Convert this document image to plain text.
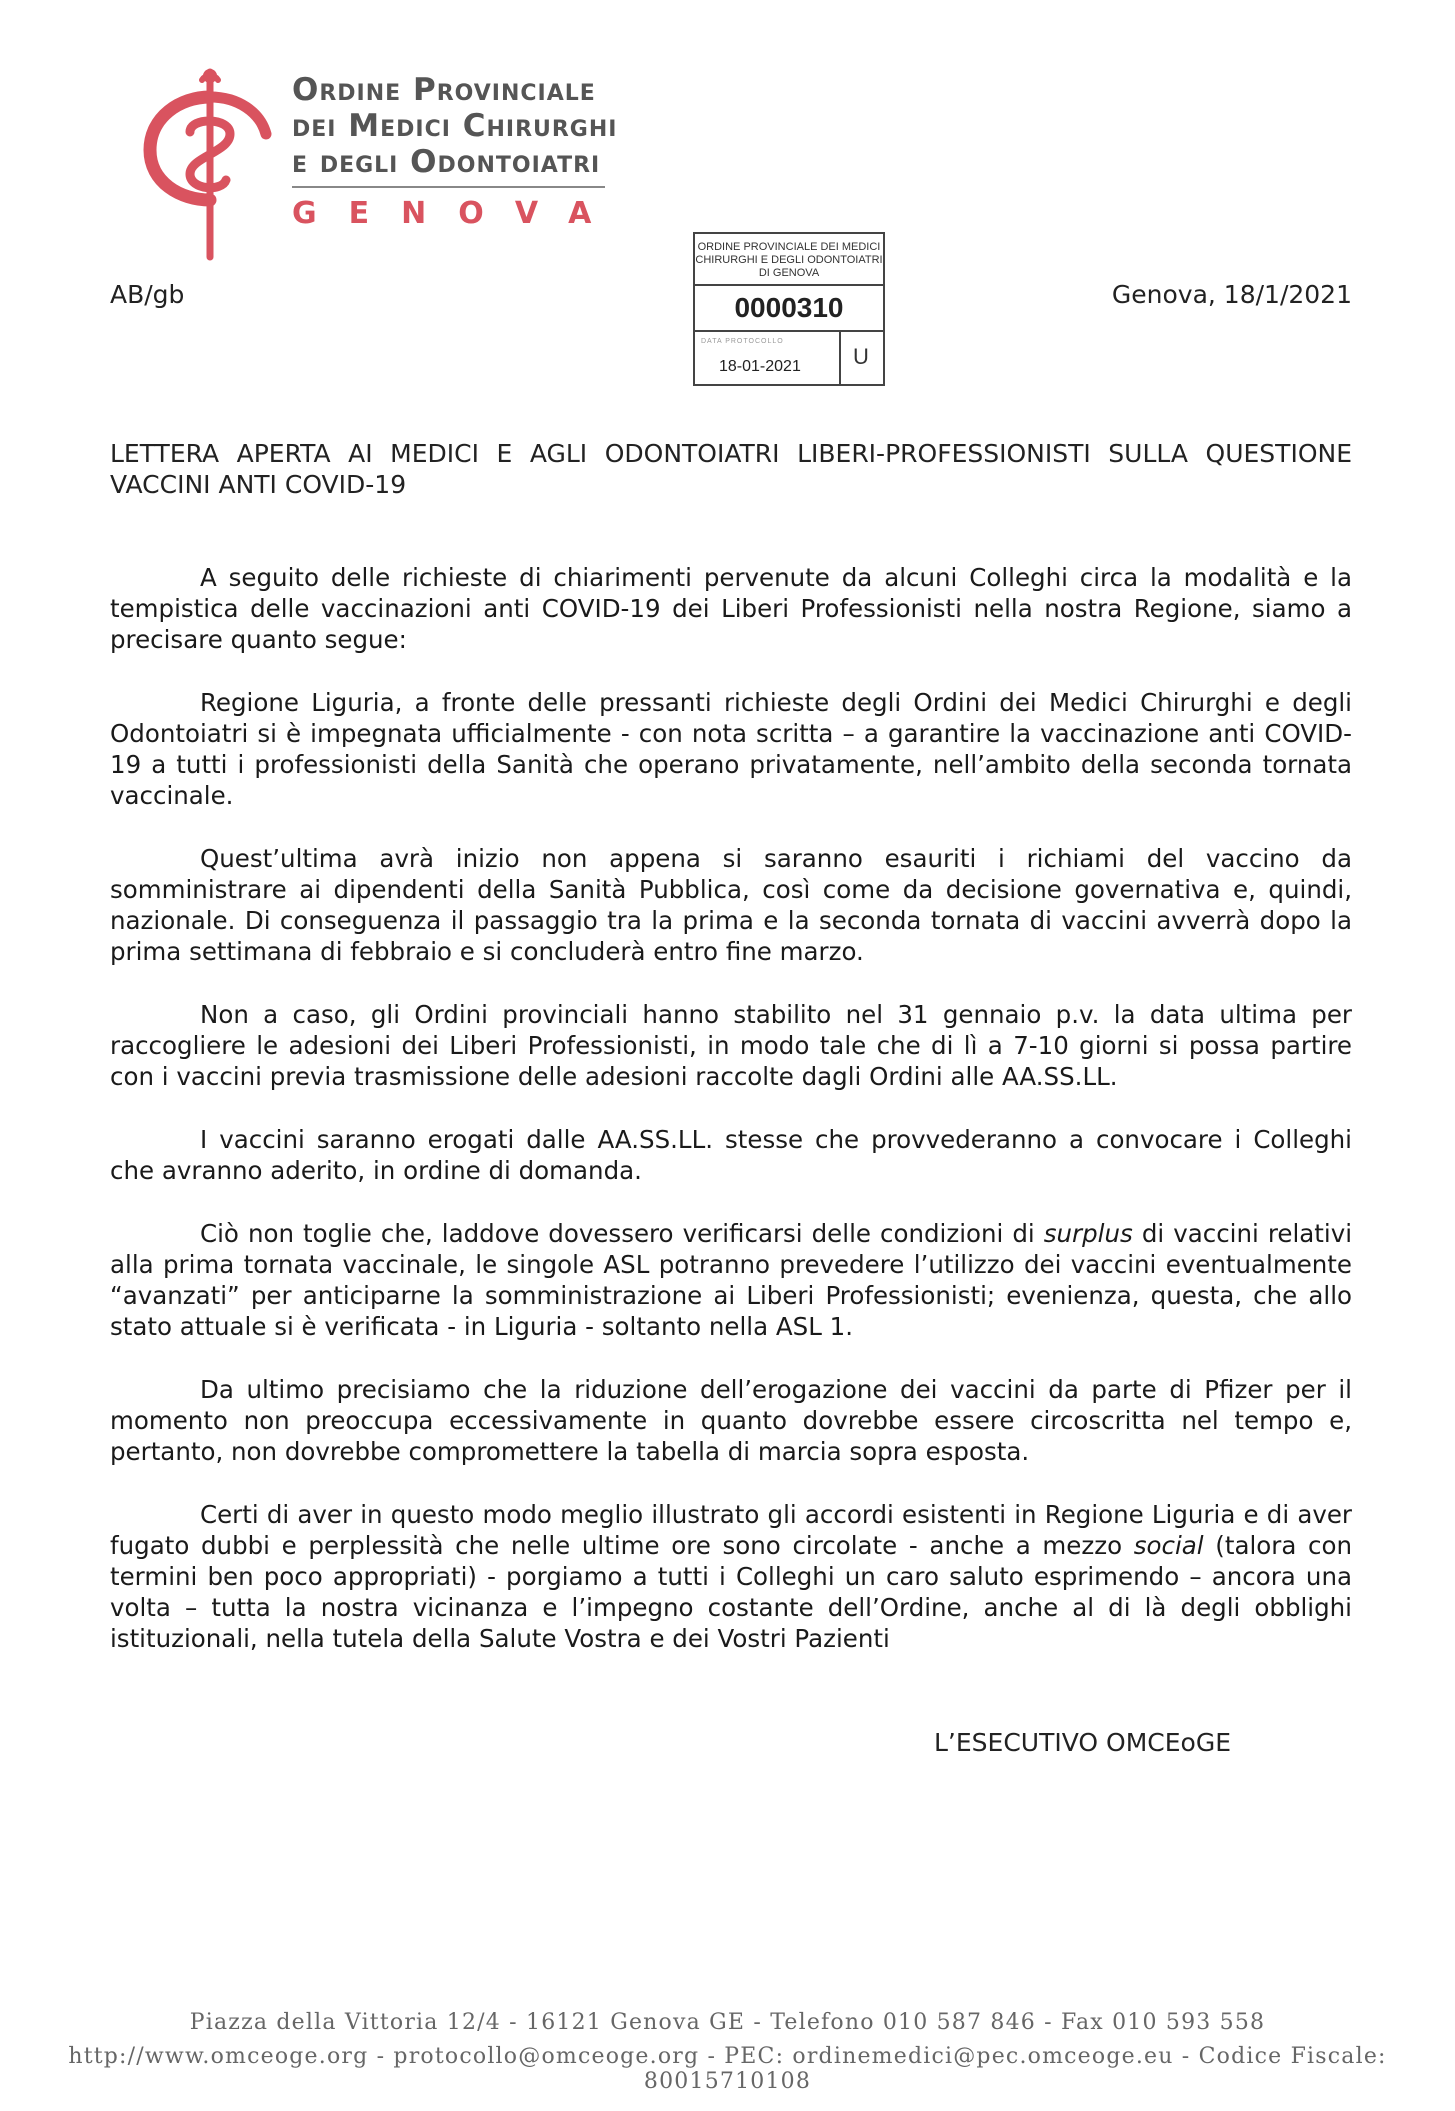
Ordine Provinciale
dei Medici Chirurghi
e degli Odontoiatri
GENOVA
ORDINE PROVINCIALE DEI MEDICI CHIRURGHI E DEGLI ODONTOIATRI DI GENOVA
0000310
DATA PROTOCOLLO
18-01-2021 U
AB/gb	Genova, 18/1/2021
LETTERA APERTA AI MEDICI E AGLI ODONTOIATRI LIBERI-PROFESSIONISTI SULLA QUESTIONE VACCINI ANTI COVID-19

A seguito delle richieste di chiarimenti pervenute da alcuni Colleghi circa la modalità e la tempistica delle vaccinazioni anti COVID-19 dei Liberi Professionisti nella nostra Regione, siamo a precisare quanto segue:

Regione Liguria, a fronte delle pressanti richieste degli Ordini dei Medici Chirurghi e degli Odontoiatri si è impegnata ufficialmente - con nota scritta – a garantire la vaccinazione anti COVID-19 a tutti i professionisti della Sanità che operano privatamente, nell’ambito della seconda tornata vaccinale.

Quest’ultima avrà inizio non appena si saranno esauriti i richiami del vaccino da somministrare ai dipendenti della Sanità Pubblica, così come da decisione governativa e, quindi, nazionale. Di conseguenza il passaggio tra la prima e la seconda tornata di vaccini avverrà dopo la prima settimana di febbraio e si concluderà entro fine marzo.

Non a caso, gli Ordini provinciali hanno stabilito nel 31 gennaio p.v. la data ultima per raccogliere le adesioni dei Liberi Professionisti, in modo tale che di lì a 7-10 giorni si possa partire con i vaccini previa trasmissione delle adesioni raccolte dagli Ordini alle AA.SS.LL.

I vaccini saranno erogati dalle AA.SS.LL. stesse che provvederanno a convocare i Colleghi che avranno aderito, in ordine di domanda.

Ciò non toglie che, laddove dovessero verificarsi delle condizioni di surplus di vaccini relativi alla prima tornata vaccinale, le singole ASL potranno prevedere l’utilizzo dei vaccini eventualmente “avanzati” per anticiparne la somministrazione ai Liberi Professionisti; evenienza, questa, che allo stato attuale si è verificata - in Liguria - soltanto nella ASL 1.

Da ultimo precisiamo che la riduzione dell’erogazione dei vaccini da parte di Pfizer per il momento non preoccupa eccessivamente in quanto dovrebbe essere circoscritta nel tempo e, pertanto, non dovrebbe compromettere la tabella di marcia sopra esposta.

Certi di aver in questo modo meglio illustrato gli accordi esistenti in Regione Liguria e di aver fugato dubbi e perplessità che nelle ultime ore sono circolate - anche a mezzo social (talora con termini ben poco appropriati) - porgiamo a tutti i Colleghi un caro saluto esprimendo – ancora una volta – tutta la nostra vicinanza e l’impegno costante dell’Ordine, anche al di là degli obblighi istituzionali, nella tutela della Salute Vostra e dei Vostri Pazienti

L’ESECUTIVO OMCEoGE
Piazza della Vittoria 12/4 - 16121 Genova GE - Telefono 010 587 846 - Fax 010 593 558
http://www.omceoge.org - protocollo@omceoge.org - PEC: ordinemedici@pec.omceoge.eu - Codice Fiscale: 80015710108
